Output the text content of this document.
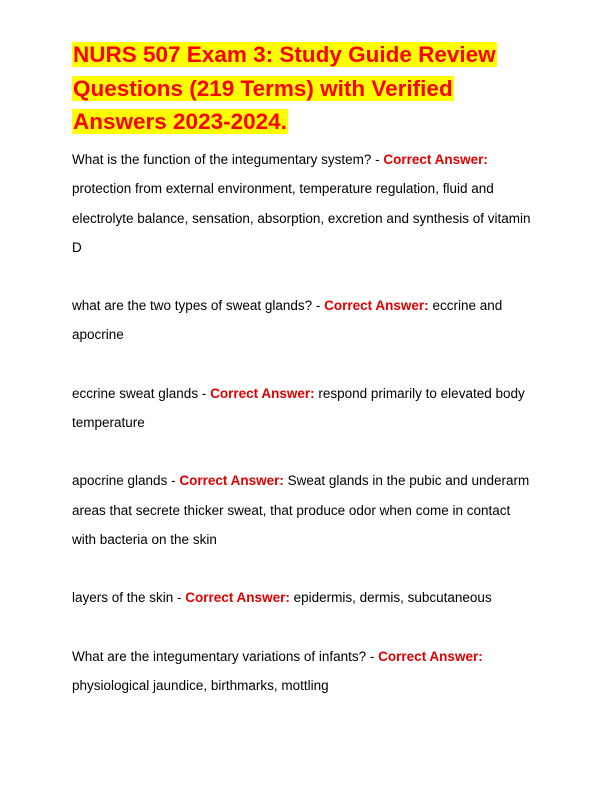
NURS 507 Exam 3: Study Guide Review Questions (219 Terms) with Verified Answers 2023-2024.

What is the function of the integumentary system? - Correct Answer: protection from external environment, temperature regulation, fluid and electrolyte balance, sensation, absorption, excretion and synthesis of vitamin D

what are the two types of sweat glands? - Correct Answer: eccrine and apocrine

eccrine sweat glands - Correct Answer: respond primarily to elevated body temperature

apocrine glands - Correct Answer: Sweat glands in the pubic and underarm areas that secrete thicker sweat, that produce odor when come in contact with bacteria on the skin

layers of the skin - Correct Answer: epidermis, dermis, subcutaneous

What are the integumentary variations of infants? - Correct Answer: physiological jaundice, birthmarks, mottling
